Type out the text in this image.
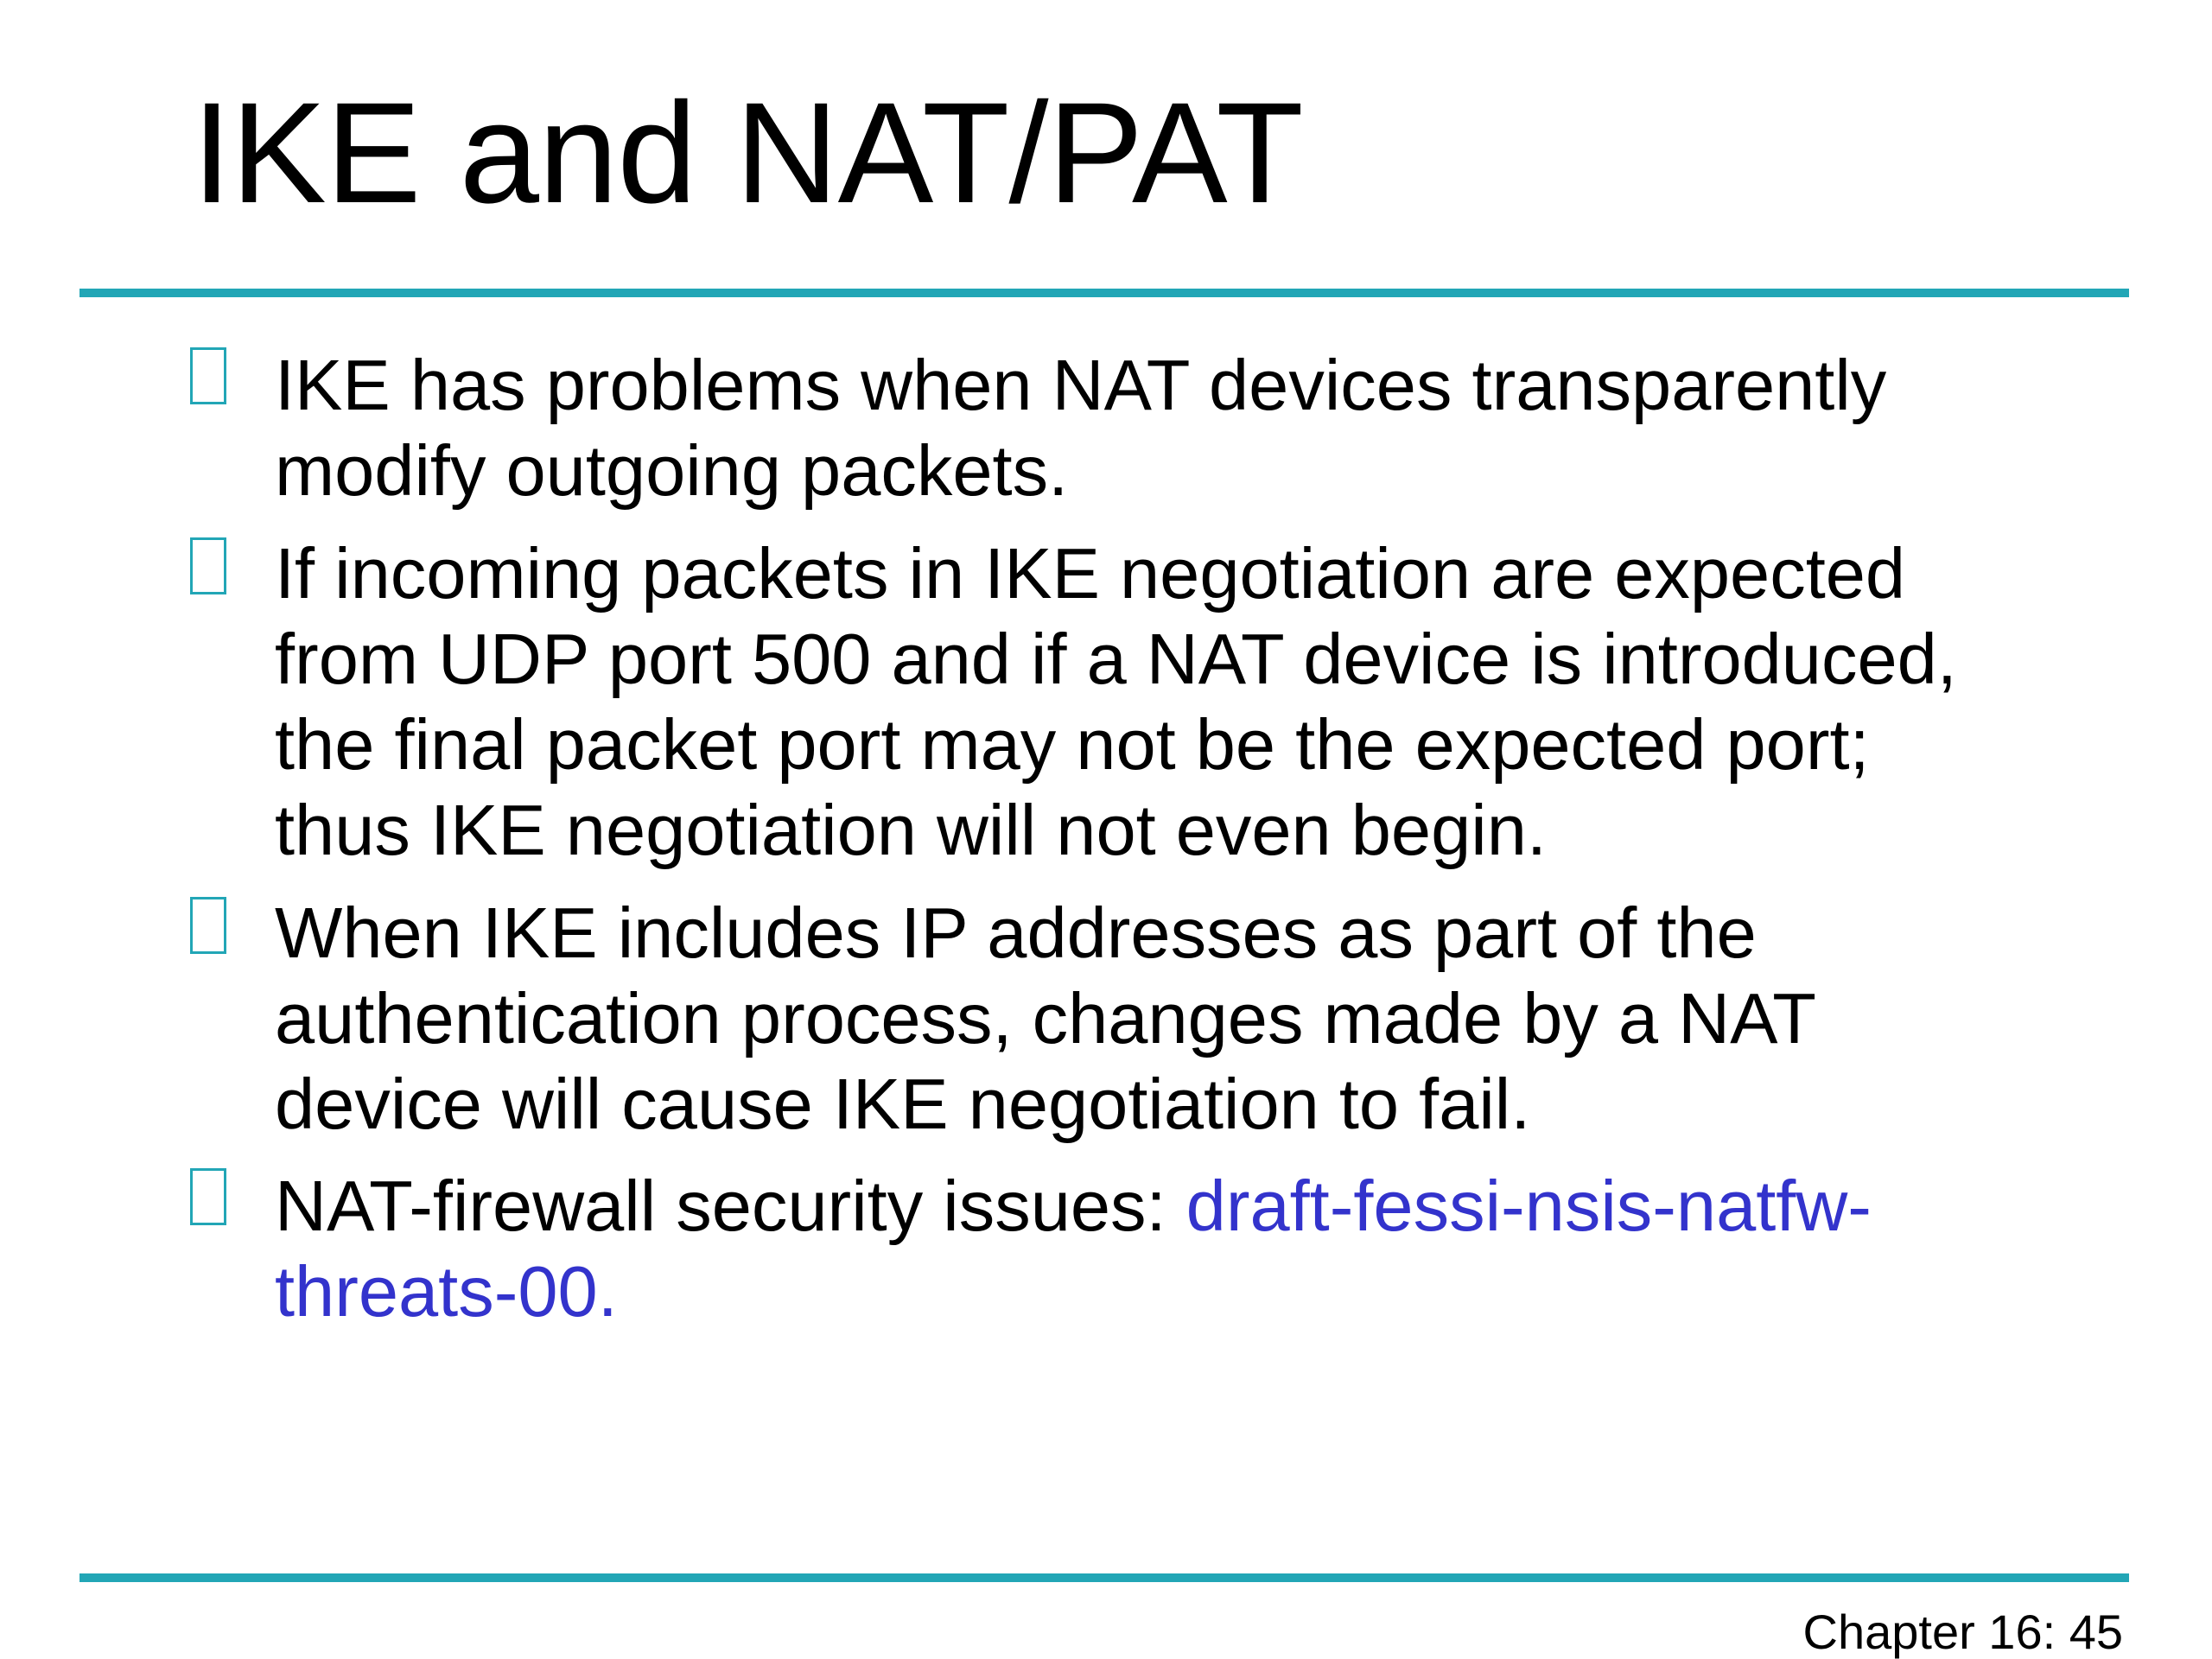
IKE and NAT/PAT
IKE has problems when NAT devices transparently
modify outgoing packets.
If incoming packets in IKE negotiation are expected
from UDP port 500 and if a NAT device is introduced,
the final packet port may not be the expected port;
thus IKE negotiation will not even begin.
When IKE includes IP addresses as part of the
authentication process, changes made by a NAT
device will cause IKE negotiation to fail.
NAT-firewall security issues: draft-fessi-nsis-natfw-
threats-00.
Chapter 16: 45
